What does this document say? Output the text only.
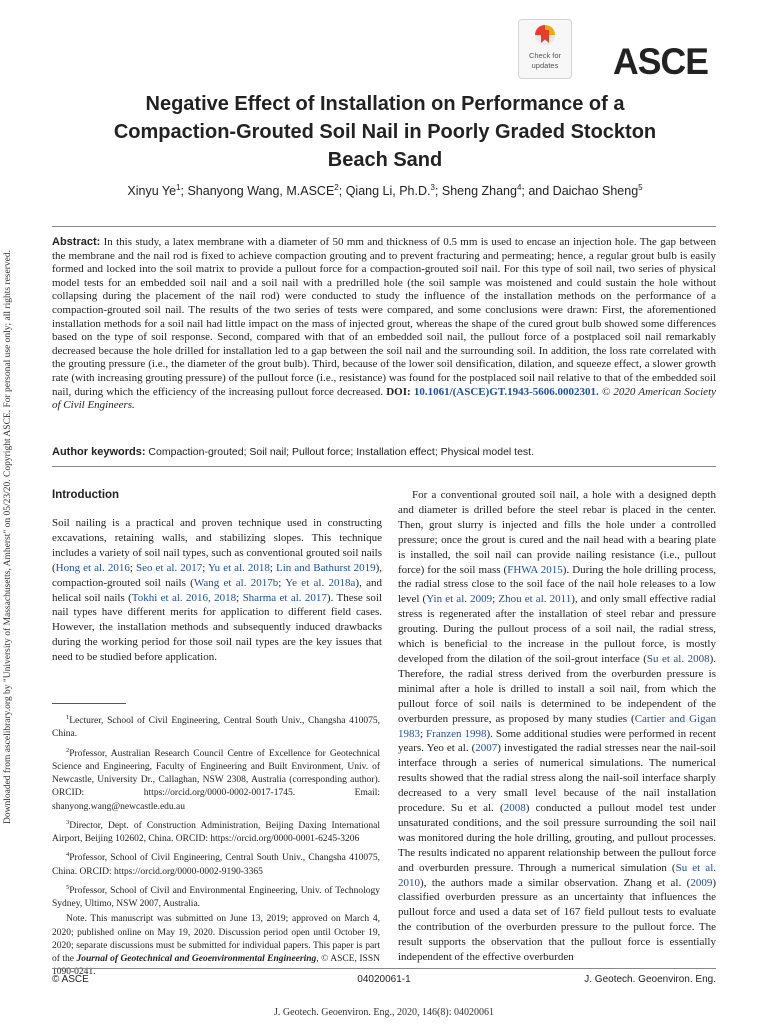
Downloaded from ascelibrary.org by "University of Massachusetts, Amherst" on 05/23/20. Copyright ASCE. For personal use only; all rights reserved.
Check for
updates	ASCE
Negative Effect of Installation on Performance of a Compaction-Grouted Soil Nail in Poorly Graded Stockton Beach Sand
Xinyu Ye$^1$; Shanyong Wang, M.ASCE$^2$; Qiang Li, Ph.D.$^3$; Sheng Zhang$^4$; and Daichao Sheng$^5$

Abstract: In this study, a latex membrane with a diameter of 50 mm and thickness of 0.5 mm is used to encase an injection hole. The gap between the membrane and the nail rod is fixed to achieve compaction grouting and to prevent fracturing and permeating; hence, a regular grout bulb is easily formed and locked into the soil matrix to provide a pullout force for a compaction-grouted soil nail. For this type of soil nail, two series of physical model tests for an embedded soil nail and a soil nail with a predrilled hole (the soil sample was moistened and could sustain the hole without collapsing during the placement of the nail rod) were conducted to study the influence of the installation methods on the performance of a compaction-grouted soil nail. The results of the two series of tests were compared, and some conclusions were drawn: First, the aforementioned installation methods for a soil nail had little impact on the mass of injected grout, whereas the shape of the cured grout bulb showed some differences based on the type of soil response. Second, compared with that of an embedded soil nail, the pullout force of a postplaced soil nail remarkably decreased because the hole drilled for installation led to a gap between the soil nail and the surrounding soil. In addition, the loss rate correlated with the grouting pressure (i.e., the diameter of the grout bulb). Third, because of the lower soil densification, dilation, and squeeze effect, a slower growth rate (with increasing grouting pressure) of the pullout force (i.e., resistance) was found for the postplaced soil nail relative to that of the embedded soil nail, during which the efficiency of the increasing pullout force decreased. DOI: 10.1061/(ASCE)GT.1943-5606.0002301. © 2020 American Society of Civil Engineers.

Author keywords: Compaction-grouted; Soil nail; Pullout force; Installation effect; Physical model test.
Introduction

Soil nailing is a practical and proven technique used in constructing excavations, retaining walls, and stabilizing slopes. This technique includes a variety of soil nail types, such as conventional grouted soil nails (Hong et al. 2016; Seo et al. 2017; Yu et al. 2018; Lin and Bathurst 2019), compaction-grouted soil nails (Wang et al. 2017b; Ye et al. 2018a), and helical soil nails (Tokhi et al. 2016, 2018; Sharma et al. 2017). These soil nail types have different merits for application to different field cases. However, the installation methods and subsequently induced drawbacks during the working period for those soil nail types are the key issues that need to be studied before application.

$^1$Lecturer, School of Civil Engineering, Central South Univ., Changsha 410075, China.

$^2$Professor, Australian Research Council Centre of Excellence for Geotechnical Science and Engineering, Faculty of Engineering and Built Environment, Univ. of Newcastle, University Dr., Callaghan, NSW 2308, Australia (corresponding author). ORCID: https://orcid.org/0000-0002-0017-1745. Email: shanyong.wang@newcastle.edu.au

$^3$Director, Dept. of Construction Administration, Beijing Daxing International Airport, Beijing 102602, China. ORCID: https://orcid.org/0000-0001-6245-3206

$^4$Professor, School of Civil Engineering, Central South Univ., Changsha 410075, China. ORCID: https://orcid.org/0000-0002-9190-3365

$^5$Professor, School of Civil and Environmental Engineering, Univ. of Technology Sydney, Ultimo, NSW 2007, Australia.

Note. This manuscript was submitted on June 13, 2019; approved on March 4, 2020; published online on May 19, 2020. Discussion period open until October 19, 2020; separate discussions must be submitted for individual papers. This paper is part of the Journal of Geotechnical and Geoenvironmental Engineering, © ASCE, ISSN 1090-0241.

For a conventional grouted soil nail, a hole with a designed depth and diameter is drilled before the steel rebar is placed in the center. Then, grout slurry is injected and fills the hole under a controlled pressure; once the grout is cured and the nail head with a bearing plate is installed, the soil nail can provide nailing resistance (i.e., pullout force) for the soil mass (FHWA 2015). During the hole drilling process, the radial stress close to the soil face of the nail hole releases to a low level (Yin et al. 2009; Zhou et al. 2011), and only small effective radial stress is regenerated after the installation of steel rebar and pressure grouting. During the pullout process of a soil nail, the radial stress, which is beneficial to the increase in the pullout force, is mostly developed from the dilation of the soil-grout interface (Su et al. 2008). Therefore, the radial stress derived from the overburden pressure is minimal after a hole is drilled to install a soil nail, from which the pullout force of soil nails is determined to be independent of the overburden pressure, as proposed by many studies (Cartier and Gigan 1983; Franzen 1998). Some additional studies were performed in recent years. Yeo et al. (2007) investigated the radial stresses near the nail-soil interface through a series of numerical simulations. The numerical results showed that the radial stress along the nail-soil interface sharply decreased to a very small level because of the nail installation procedure. Su et al. (2008) conducted a pullout model test under unsaturated conditions, and the soil pressure surrounding the soil nail was monitored during the hole drilling, grouting, and pullout processes. The results indicated no apparent relationship between the pullout force and overburden pressure. Through a numerical simulation (Su et al. 2010), the authors made a similar observation. Zhang et al. (2009) classified overburden pressure as an uncertainty that influences the pullout force and used a data set of 167 field pullout tests to evaluate the contribution of the overburden pressure to the pullout force. The result supports the observation that the pullout force is essentially independent of the effective overburden

© ASCE	04020061-1	J. Geotech. Geoenviron. Eng.
J. Geotech. Geoenviron. Eng., 2020, 146(8): 04020061
